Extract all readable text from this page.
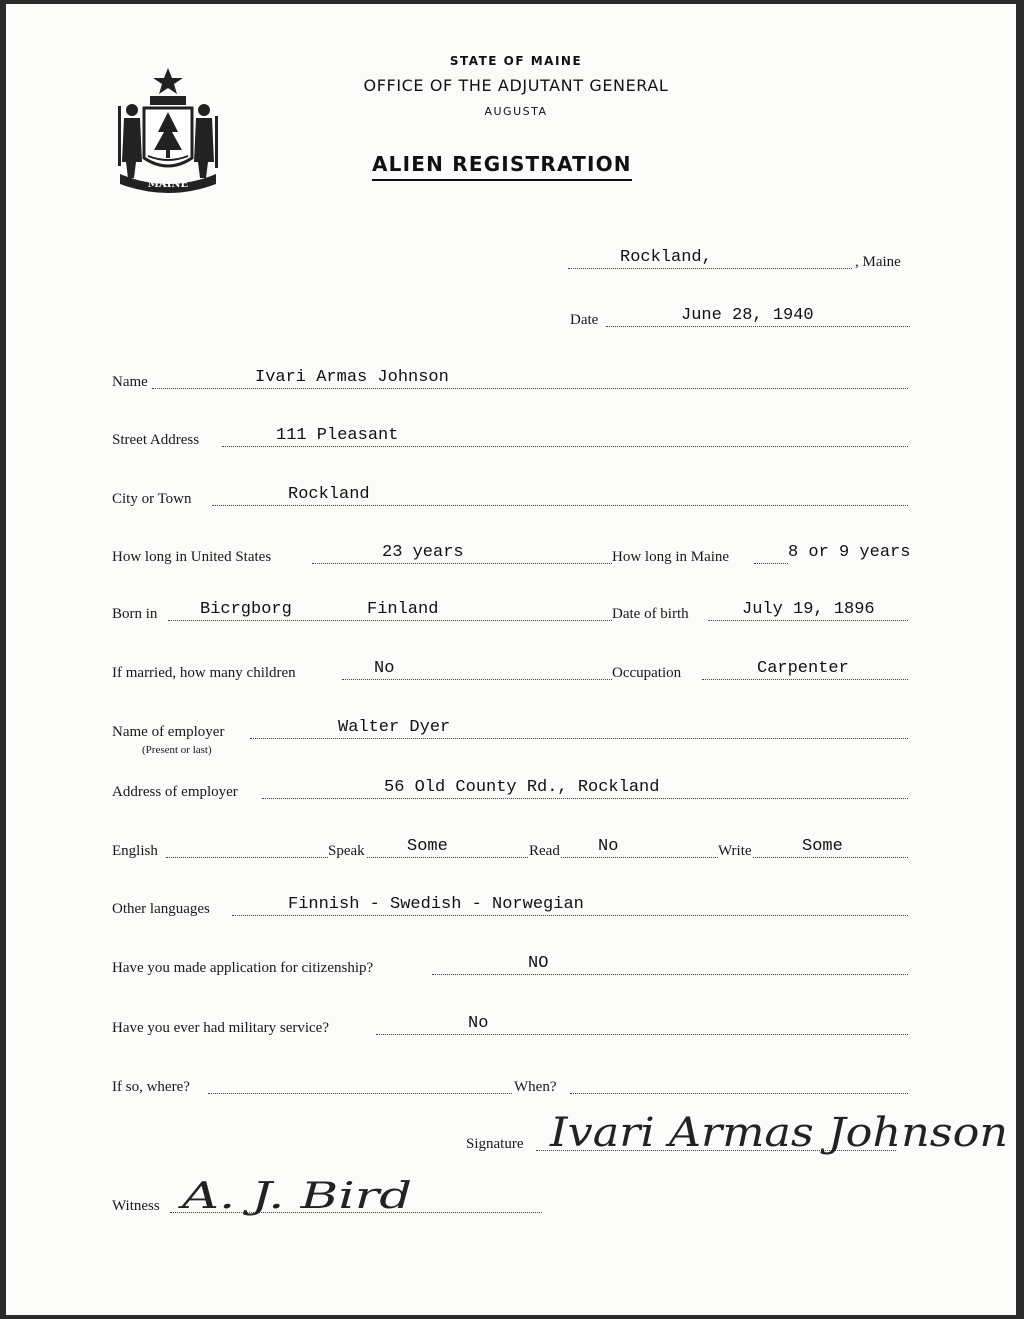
MAINE
STATE OF MAINE
OFFICE OF THE ADJUTANT GENERAL
AUGUSTA
ALIEN REGISTRATION
Rockland,	, Maine
Date	June 28, 1940
Name	Ivari Armas Johnson
Street Address	111 Pleasant
City or Town	Rockland
How long in United States	23 years	How long in Maine	8 or 9 years
Born in	Bicrgborg	Finland	Date of birth	July 19, 1896
If married, how many children	No	Occupation	Carpenter
Name of employer	Walter Dyer
(Present or last)
Address of employer	56 Old County Rd., Rockland
English	Speak Some	Read No	Write	Some
Other languages	Finnish - Swedish - Norwegian
Have you made application for citizenship?	NO
Have you ever had military service?	No
If so, where?	When?
Signature Ivari Armas Johnson
Witness A. J. Bird
